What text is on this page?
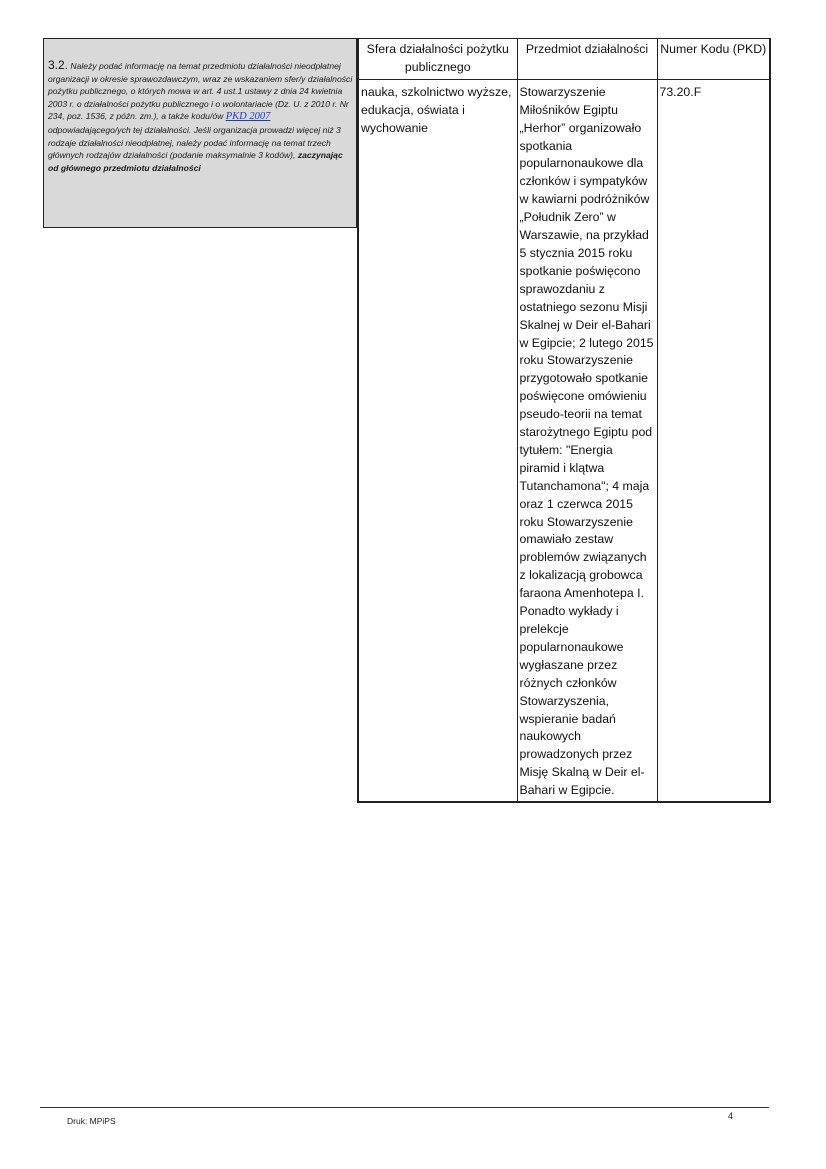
3.2. Należy podać informację na temat przedmiotu działalności nieodpłatnej organizacji w okresie sprawozdawczym, wraz ze wskazaniem sfer/y działalności pożytku publicznego, o których mowa w art. 4 ust.1 ustawy z dnia 24 kwietnia 2003 r. o działalności pożytku publicznego i o wolontariacie (Dz. U. z 2010 r. Nr 234, poz. 1536, z późn. zm.), a także kodu/ów PKD 2007 odpowiadającego/ych tej działalności. Jeśli organizacja prowadzi więcej niż 3 rodzaje działalności nieodpłatnej, należy podać informację na temat trzech głównych rodzajów działalności (podanie maksymalnie 3 kodów), zaczynając od głównego przedmiotu działalności
Sfera działalności pożytku publicznego	Przedmiot działalności	Numer Kodu (PKD)
nauka, szkolnictwo wyższe, edukacja, oświata i wychowanie	Stowarzyszenie Miłośników Egiptu „Herhor” organizowało spotkania popularnonaukowe dla członków i sympatyków w kawiarni podróżników „Południk Zero” w Warszawie, na przykład 5 stycznia 2015 roku spotkanie poświęcono sprawozdaniu z ostatniego sezonu Misji Skalnej w Deir el-Bahari w Egipcie; 2 lutego 2015 roku Stowarzyszenie przygotowało spotkanie poświęcone omówieniu pseudo-teorii na temat starożytnego Egiptu pod tytułem: "Energia piramid i klątwa Tutanchamona"; 4 maja oraz 1 czerwca 2015 roku Stowarzyszenie omawiało zestaw problemów związanych z lokalizacją grobowca faraona Amenhotepa I. Ponadto wykłady i prelekcje popularnonaukowe wygłaszane przez różnych członków Stowarzyszenia, wspieranie badań naukowych prowadzonych przez Misję Skalną w Deir el-Bahari w Egipcie.	73.20.F
Druk: MPiPS	4
